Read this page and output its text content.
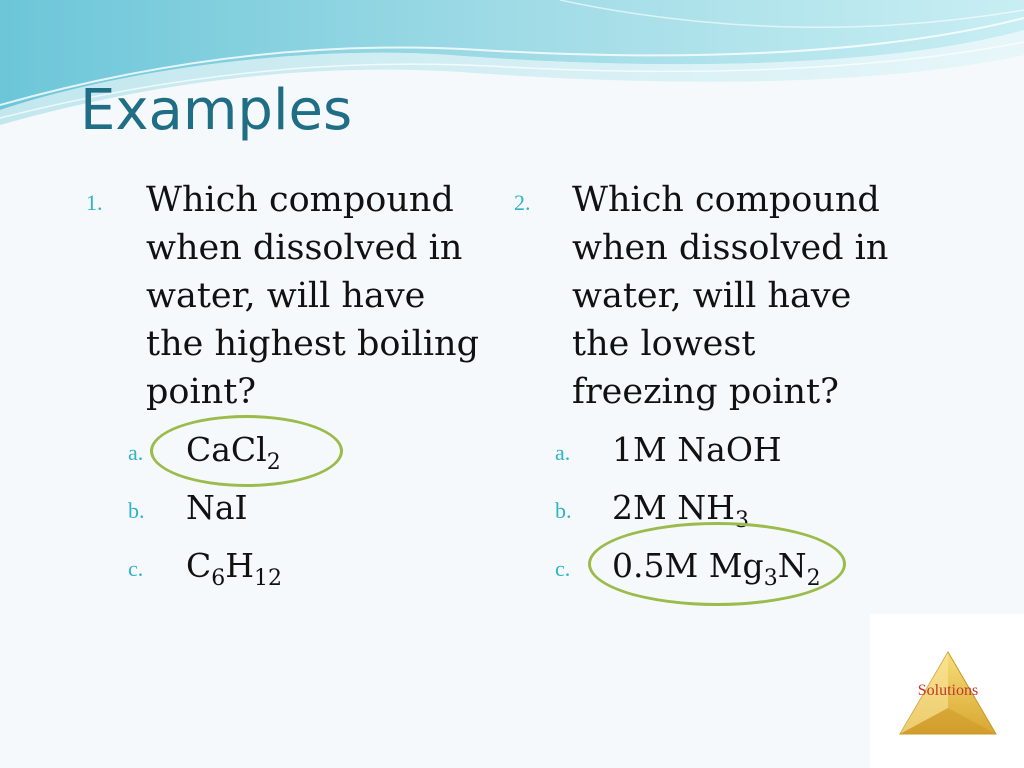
Examples
1. Which compound when dissolved in water, will have the highest boiling point?
a. CaCl$_2$
b. NaI
c. $C_6H_{12}$
2. Which compound when dissolved in water, will have the lowest freezing point?
a. 1M NaOH
b. 2M $NH_3$
c. 0.5M $Mg_3N_2$
Solutions
